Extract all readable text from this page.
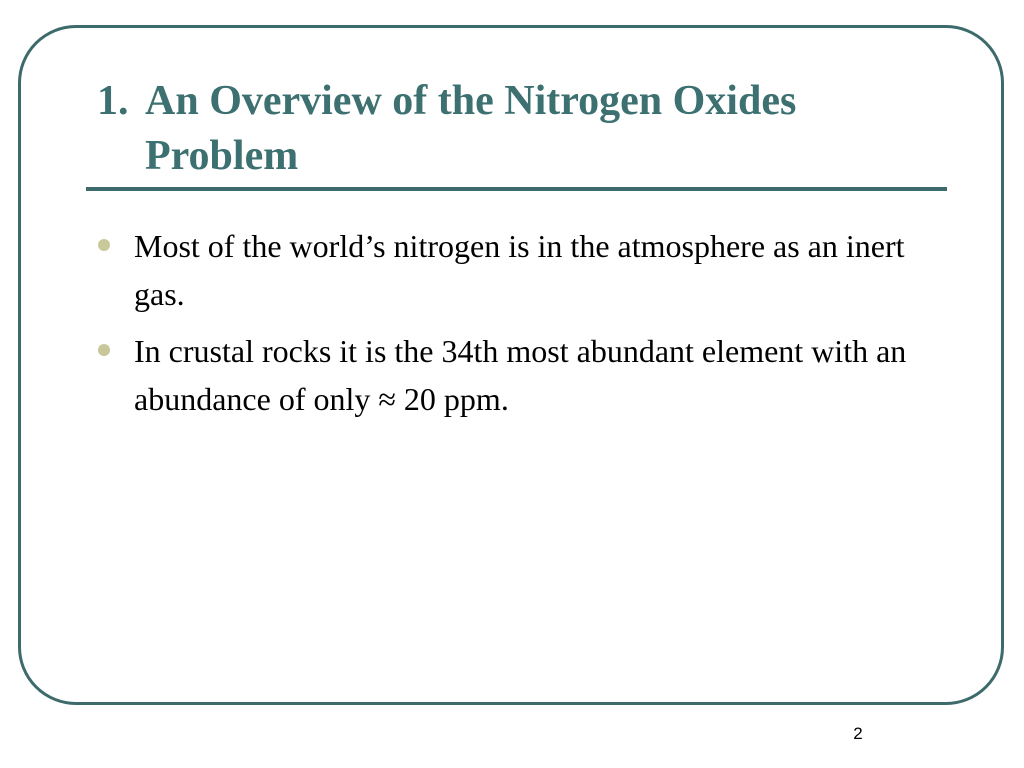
1. An Overview of the Nitrogen Oxides Problem
Most of the world’s nitrogen is in the atmosphere as an inert gas.
In crustal rocks it is the 34th most abundant element with an abundance of only ≈ 20 ppm.
2
